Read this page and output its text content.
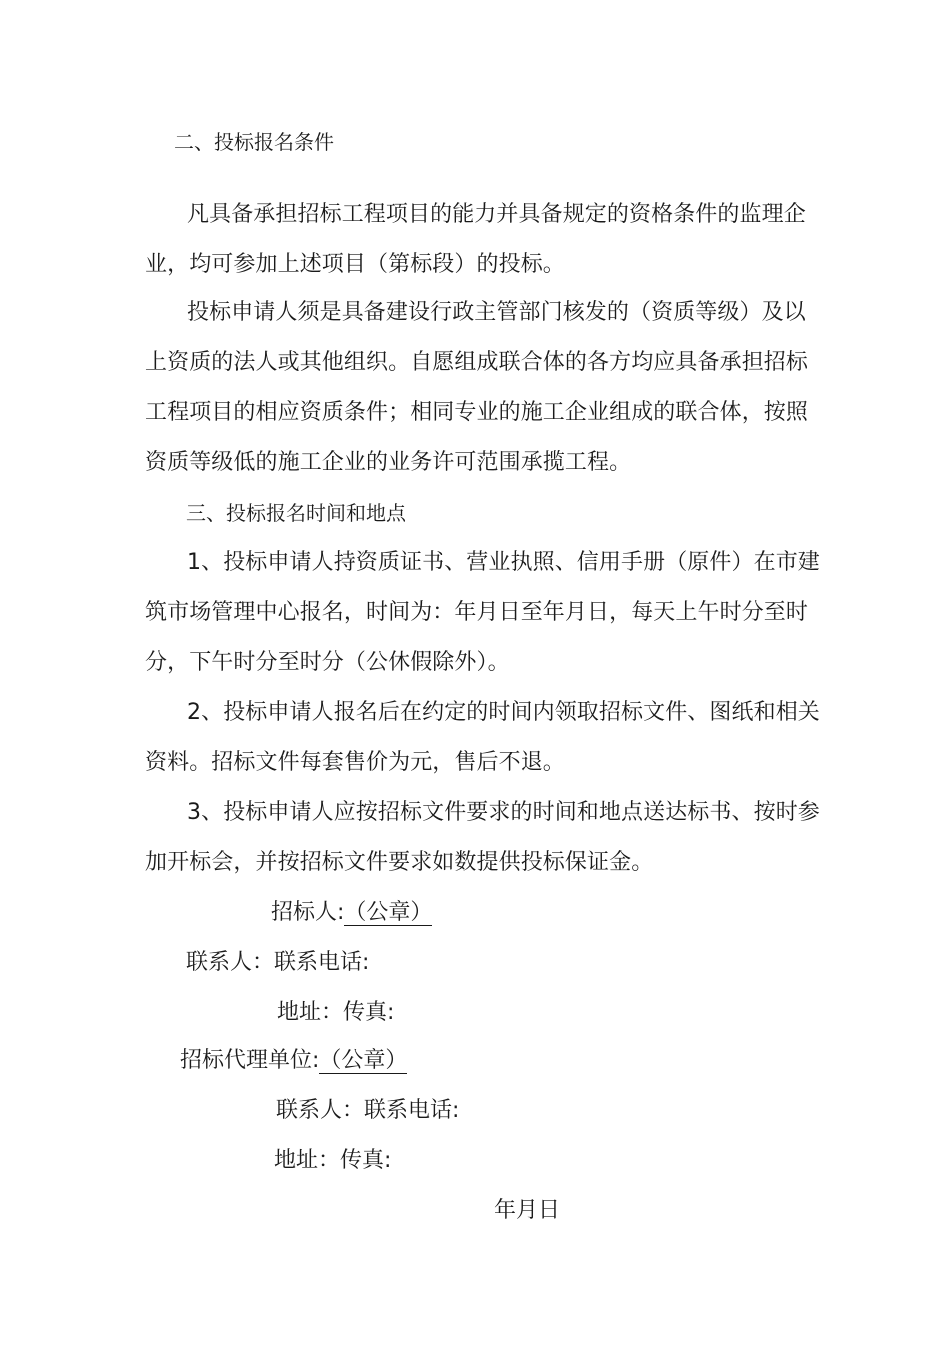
二、投标报名条件

凡具备承担招标工程项目的能力并具备规定的资格条件的监理企

业，均可参加上述项目（第标段）的投标。

投标申请人须是具备建设行政主管部门核发的（资质等级）及以

上资质的法人或其他组织。自愿组成联合体的各方均应具备承担招标

工程项目的相应资质条件；相同专业的施工企业组成的联合体，按照

资质等级低的施工企业的业务许可范围承揽工程。

三、投标报名时间和地点

1、投标申请人持资质证书、营业执照、信用手册（原件）在市建

筑市场管理中心报名，时间为：年月日至年月日，每天上午时分至时

分，下午时分至时分（公休假除外）。

2、投标申请人报名后在约定的时间内领取招标文件、图纸和相关

资料。招标文件每套售价为元，售后不退。

3、投标申请人应按招标文件要求的时间和地点送达标书、按时参

加开标会，并按招标文件要求如数提供投标保证金。

招标人:（公章）

联系人：联系电话:

地址：传真:

招标代理单位:（公章）

联系人：联系电话:

地址：传真:

年月日
